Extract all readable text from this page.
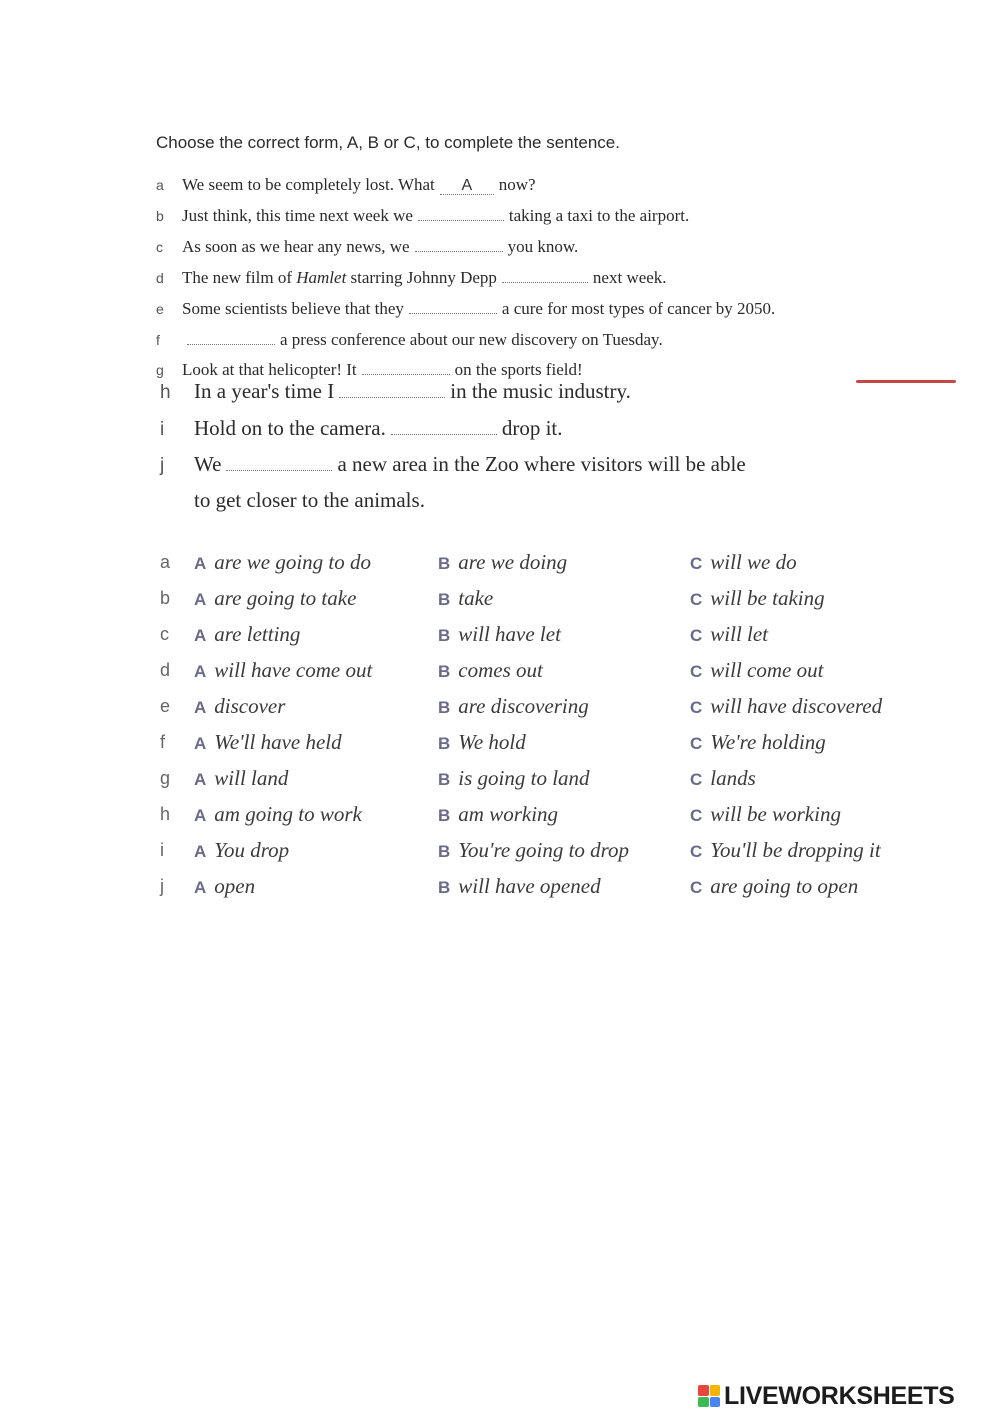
Choose the correct form, A, B or C, to complete the sentence.
a We seem to be completely lost. What A now?
b Just think, this time next week we	taking a taxi to the airport.
c As soon as we hear any news, we	you know.
d The new film of Hamlet starring Johnny Depp	next week.
e Some scientists believe that they	a cure for most types of cancer by 2050.
f	a press conference about our new discovery on Tuesday.
g Look at that helicopter! It	on the sports field!
h In a year's time I	in the music industry.
i Hold on to the camera.	drop it.
j We	a new area in the Zoo where visitors will be able
to get closer to the animals.
a A are we going to do	B are we doing	C will we do
b A are going to take	B take	C will be taking
c A are letting	B will have let	C will let
d A will have come out	B comes out	C will come out
e A discover	B are discovering	C will have discovered
f A We'll have held	B We hold	C We're holding
g A will land	B is going to land	C lands
h A am going to work	B am working	C will be working
i A You drop	B You're going to drop	C You'll be dropping it
j A open	B will have opened	C are going to open
LIVEWORKSHEETS
